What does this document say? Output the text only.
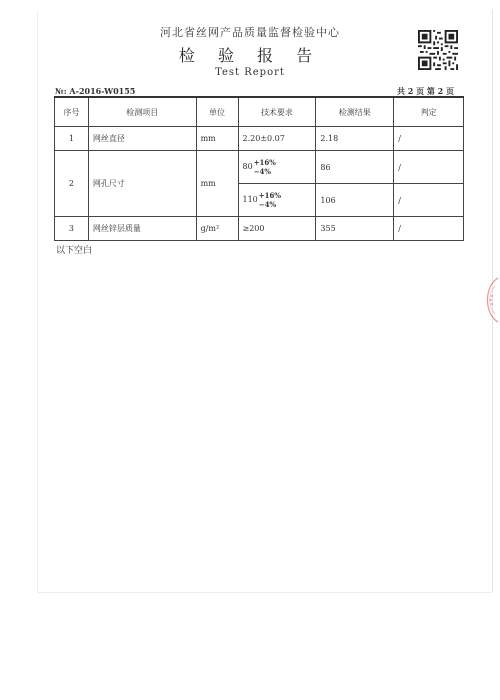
河北省丝网产品质量监督检验中心
检 验 报 告
Test Report
№: A-2016-W0155	共 2 页 第 2 页
序号	检测项目	单位	技术要求	检测结果	判定
1	网丝直径	mm	2.20±0.07	2.18	/
2	网孔尺寸	mm	80+16%
−4%	86	/
			110+16%
−4%	106	/
3	网丝锌层质量	g/m²	≥200	355	/
以下空白
